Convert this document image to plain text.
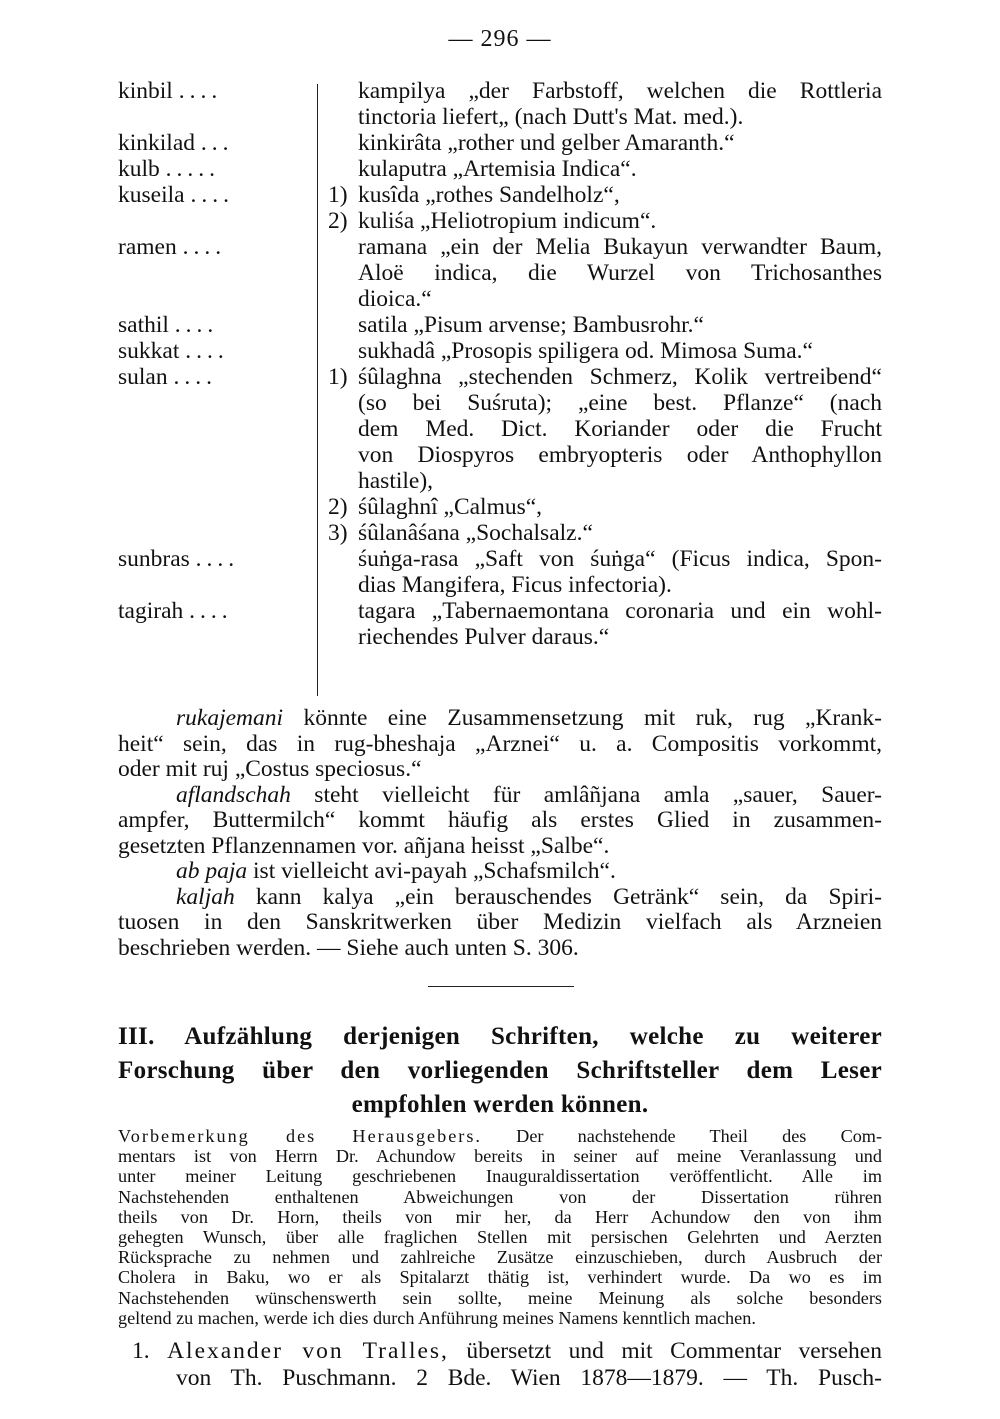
— 296 —
kinbil ....	kampilya „der Farbstoff, welchen die Rottleria
tinctoria liefert„ (nach Dutt's Mat. med.).
kinkilad ...	kinkirâta „rother und gelber Amaranth.“
kulb .....	kulaputra „Artemisia Indica“.
kuseila ....	1) kusîda „rothes Sandelholz“,
2) kuliśa „Heliotropium indicum“.
ramen ....	ramana „ein der Melia Bukayun verwandter Baum,
Aloë indica, die Wurzel von Trichosanthes
dioica.“
sathil ....	satila „Pisum arvense; Bambusrohr.“
sukkat ....	sukhadâ „Prosopis spiligera od. Mimosa Suma.“
sulan ....	1) śûlaghna „stechenden Schmerz, Kolik vertreibend“
(so bei Suśruta); „eine best. Pflanze“ (nach
dem Med. Dict. Koriander oder die Frucht
von Diospyros embryopteris oder Anthophyllon
hastile),
2) śûlaghnî „Calmus“,
3) śûlanâśana „Sochalsalz.“
sunbras ....	śuṅga-rasa „Saft von śuṅga“ (Ficus indica, Spon-
dias Mangifera, Ficus infectoria).
tagirah ....	tagara „Tabernaemontana coronaria und ein wohl-
riechendes Pulver daraus.“
rukajemani könnte eine Zusammensetzung mit ruk, rug „Krank-
heit“ sein, das in rug-bheshaja „Arznei“ u. a. Compositis vorkommt,
oder mit ruj „Costus speciosus.“
aflandschah steht vielleicht für amlâñjana amla „sauer, Sauer-
ampfer, Buttermilch“ kommt häufig als erstes Glied in zusammen-
gesetzten Pflanzennamen vor. añjana heisst „Salbe“.
ab paja ist vielleicht avi-payah „Schafsmilch“.
kaljah kann kalya „ein berauschendes Getränk“ sein, da Spiri-
tuosen in den Sanskritwerken über Medizin vielfach als Arzneien
beschrieben werden. — Siehe auch unten S. 306.
III. Aufzählung derjenigen Schriften, welche zu weiterer
Forschung über den vorliegenden Schriftsteller dem Leser
empfohlen werden können.
Vorbemerkung des Herausgebers. Der nachstehende Theil des Com-
mentars ist von Herrn Dr. Achundow bereits in seiner auf meine Veranlassung und
unter meiner Leitung geschriebenen Inauguraldissertation veröffentlicht. Alle im
Nachstehenden enthaltenen Abweichungen von der Dissertation rühren
theils von Dr. Horn, theils von mir her, da Herr Achundow den von ihm
gehegten Wunsch, über alle fraglichen Stellen mit persischen Gelehrten und Aerzten
Rücksprache zu nehmen und zahlreiche Zusätze einzuschieben, durch Ausbruch der
Cholera in Baku, wo er als Spitalarzt thätig ist, verhindert wurde. Da wo es im
Nachstehenden wünschenswerth sein sollte, meine Meinung als solche besonders
geltend zu machen, werde ich dies durch Anführung meines Namens kenntlich machen.
1. Alexander von Tralles, übersetzt und mit Commentar versehen
von Th. Puschmann. 2 Bde. Wien 1878—1879. — Th. Pusch-
